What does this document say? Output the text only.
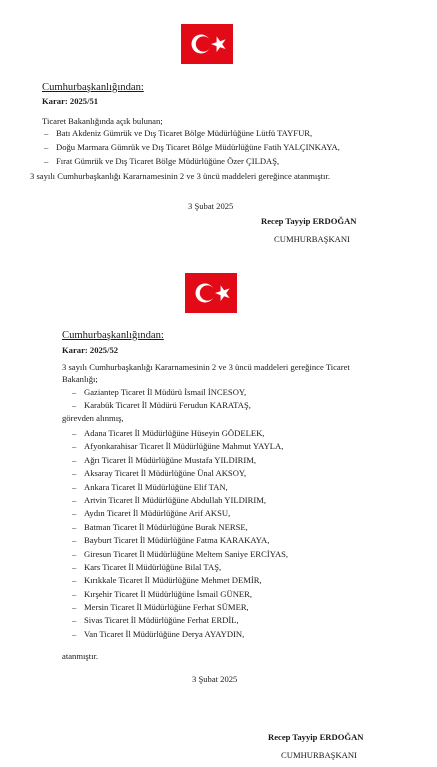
Cumhurbaşkanlığından:
Karar: 2025/51
Ticaret Bakanlığında açık bulunan;
– Batı Akdeniz Gümrük ve Dış Ticaret Bölge Müdürlüğüne Lütfü TAYFUR,
– Doğu Marmara Gümrük ve Dış Ticaret Bölge Müdürlüğüne Fatih YALÇINKAYA,
– Fırat Gümrük ve Dış Ticaret Bölge Müdürlüğüne Özer ÇILDAŞ,
3 sayılı Cumhurbaşkanlığı Kararnamesinin 2 ve 3 üncü maddeleri gereğince atanmıştır.
3 Şubat 2025
Recep Tayyip ERDOĞAN
CUMHURBAŞKANI
Cumhurbaşkanlığından:
Karar: 2025/52
3 sayılı Cumhurbaşkanlığı Kararnamesinin 2 ve 3 üncü maddeleri gereğince Ticaret
Bakanlığı;
– Gaziantep Ticaret İl Müdürü İsmail İNCESOY,
– Karabük Ticaret İl Müdürü Ferudun KARATAŞ,
görevden alınmış,
– Adana Ticaret İl Müdürlüğüne Hüseyin GÖDELEK,
– Afyonkarahisar Ticaret İl Müdürlüğüne Mahmut YAYLA,
– Ağrı Ticaret İl Müdürlüğüne Mustafa YILDIRIM,
– Aksaray Ticaret İl Müdürlüğüne Ünal AKSOY,
– Ankara Ticaret İl Müdürlüğüne Elif TAN,
– Artvin Ticaret İl Müdürlüğüne Abdullah YILDIRIM,
– Aydın Ticaret İl Müdürlüğüne Arif AKSU,
– Batman Ticaret İl Müdürlüğüne Burak NERSE,
– Bayburt Ticaret İl Müdürlüğüne Fatma KARAKAYA,
– Giresun Ticaret İl Müdürlüğüne Meltem Saniye ERCİYAS,
– Kars Ticaret İl Müdürlüğüne Bilal TAŞ,
– Kırıkkale Ticaret İl Müdürlüğüne Mehmet DEMİR,
– Kırşehir Ticaret İl Müdürlüğüne İsmail GÜNER,
– Mersin Ticaret İl Müdürlüğüne Ferhat SÜMER,
– Sivas Ticaret İl Müdürlüğüne Ferhat ERDİL,
– Van Ticaret İl Müdürlüğüne Derya AYAYDIN,
atanmıştır.
3 Şubat 2025
Recep Tayyip ERDOĞAN
CUMHURBAŞKANI
